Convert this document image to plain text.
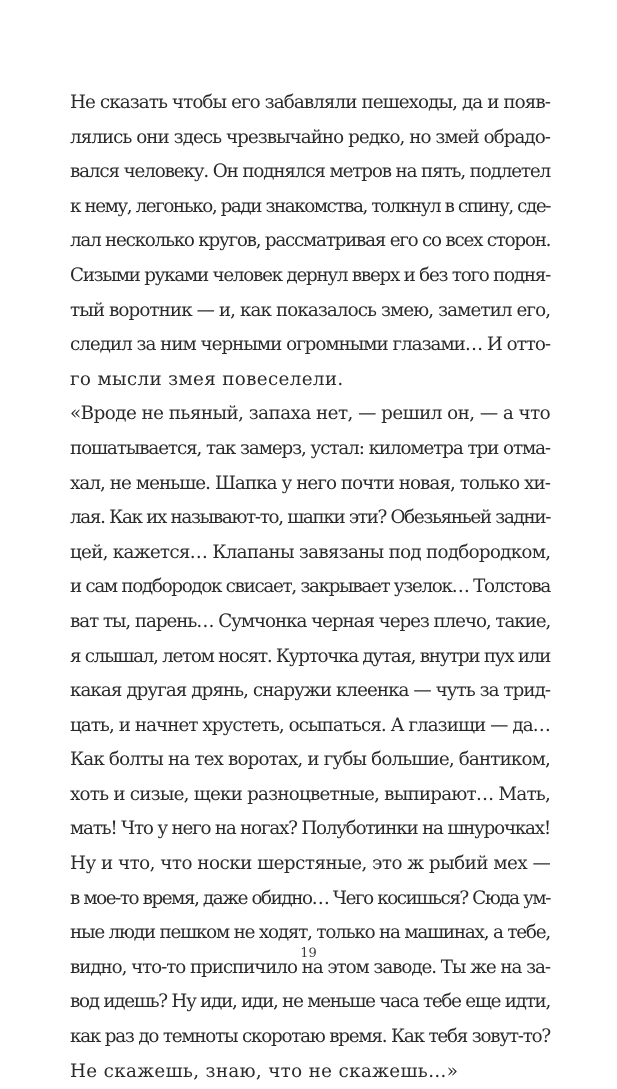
Не сказать чтобы его забавляли пешеходы, да и появ-
лялись они здесь чрезвычайно редко, но змей обрадо-
вался человеку. Он поднялся метров на пять, подлетел
к нему, легонько, ради знакомства, толкнул в спину, сде-
лал несколько кругов, рассматривая его со всех сторон.
Сизыми руками человек дернул вверх и без того подня-
тый воротник — и, как показалось змею, заметил его,
следил за ним черными огромными глазами… И отто-
го мысли змея повеселели.
«Вроде не пьяный, запаха нет, — решил он, — а что
пошатывается, так замерз, устал: километра три отма-
хал, не меньше. Шапка у него почти новая, только хи-
лая. Как их называют-то, шапки эти? Обезьяньей задни-
цей, кажется… Клапаны завязаны под подбородком,
и сам подбородок свисает, закрывает узелок… Толстова
ват ты, парень… Сумчонка черная через плечо, такие,
я слышал, летом носят. Курточка дутая, внутри пух или
какая другая дрянь, снаружи клеенка — чуть за трид-
цать, и начнет хрустеть, осыпаться. А глазищи — да…
Как болты на тех воротах, и губы большие, бантиком,
хоть и сизые, щеки разноцветные, выпирают… Мать,
мать! Что у него на ногах? Полуботинки на шнурочках!
Ну и что, что носки шерстяные, это ж рыбий мех —
в мое-то время, даже обидно… Чего косишься? Сюда ум-
ные люди пешком не ходят, только на машинах, а тебе,
видно, что-то приспичило на этом заводе. Ты же на за-
вод идешь? Ну иди, иди, не меньше часа тебе еще идти,
как раз до темноты скоротаю время. Как тебя зовут-то?
Не скажешь, знаю, что не скажешь…»
19
